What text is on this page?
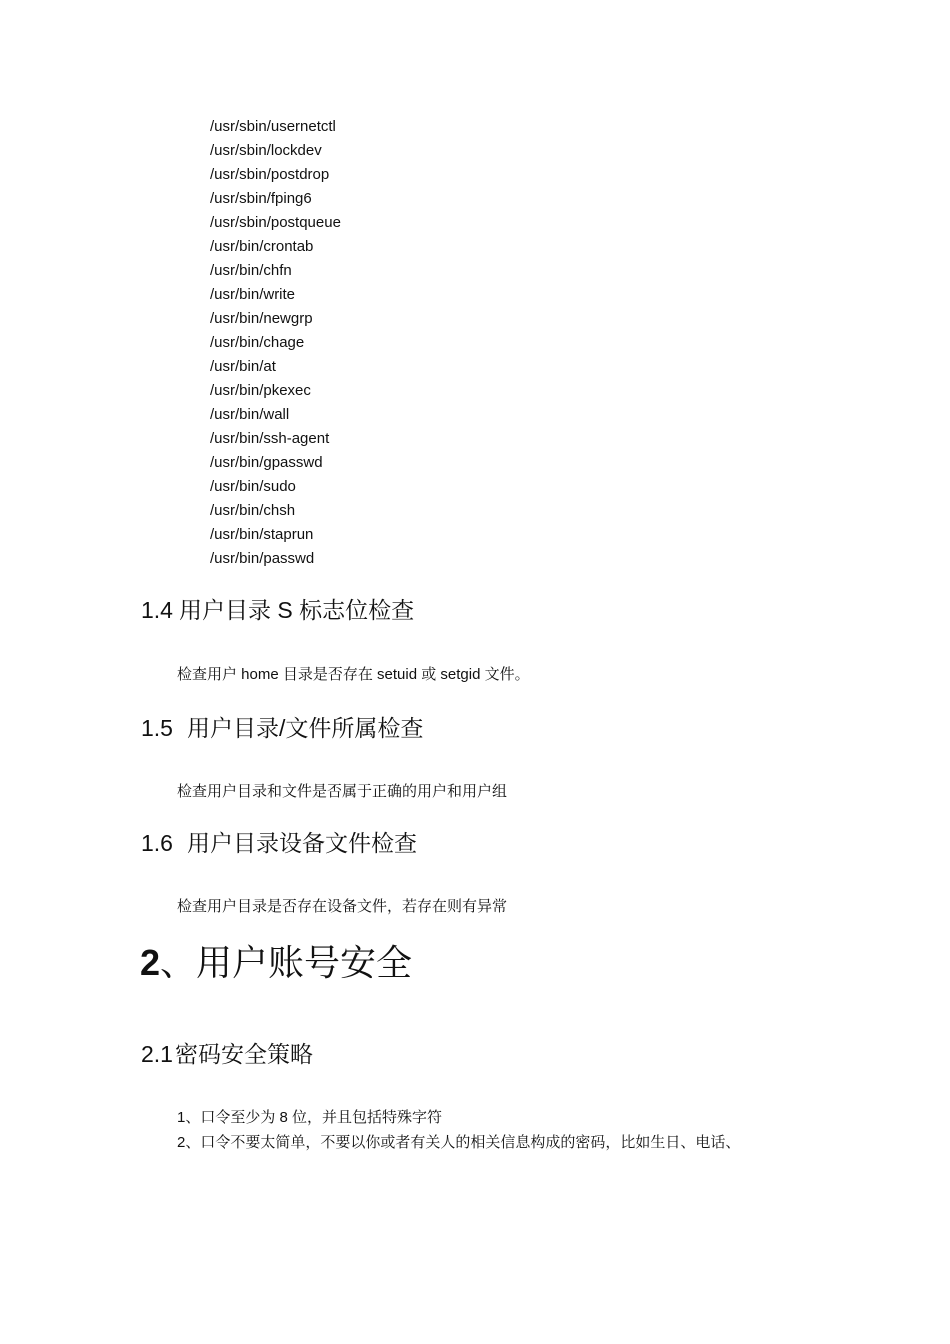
/usr/sbin/usernetctl
/usr/sbin/lockdev
/usr/sbin/postdrop
/usr/sbin/fping6
/usr/sbin/postqueue
/usr/bin/crontab
/usr/bin/chfn
/usr/bin/write
/usr/bin/newgrp
/usr/bin/chage
/usr/bin/at
/usr/bin/pkexec
/usr/bin/wall
/usr/bin/ssh-agent
/usr/bin/gpasswd
/usr/bin/sudo
/usr/bin/chsh
/usr/bin/staprun
/usr/bin/passwd
1.4 用户目录 S 标志位检查

检查用户 home 目录是否存在 setuid 或 setgid 文件。

1.5 用户目录/文件所属检查

检查用户目录和文件是否属于正确的用户和用户组

1.6 用户目录设备文件检查

检查用户目录是否存在设备文件，若存在则有异常

2、用户账号安全
2.1密码安全策略

1、口令至少为 8 位，并且包括特殊字符

2、口令不要太简单，不要以你或者有关人的相关信息构成的密码，比如生日、电话、
